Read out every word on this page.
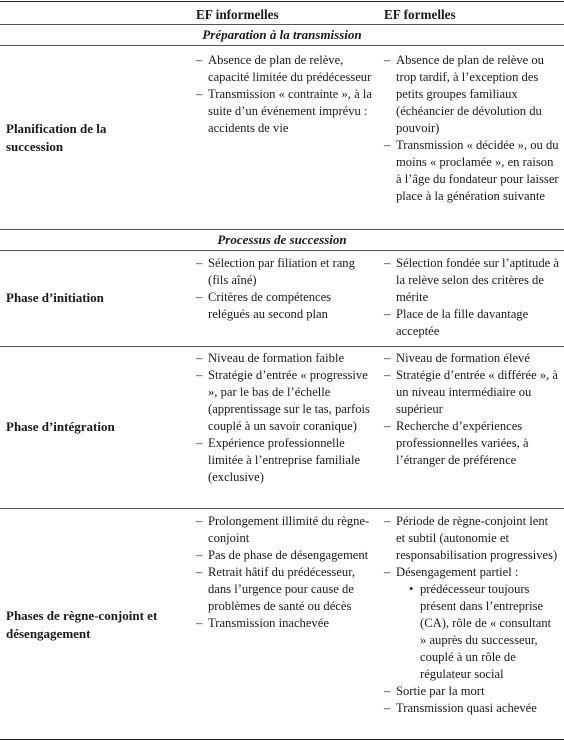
EF informelles	EF formelles
Préparation à la transmission
Planification de la succession
– Absence de plan de relève, capacité limitée du prédécesseur
– Transmission « contrainte », à la suite d’un événement imprévu : accidents de vie
– Absence de plan de relève ou trop tardif, à l’exception des petits groupes familiaux (échéancier de dévolution du pouvoir)
– Transmission « décidée », ou du moins « proclamée », en raison à l’âge du fondateur pour laisser place à la génération suivante
Processus de succession
Phase d’initiation
– Sélection par filiation et rang (fils aîné)
– Critères de compétences relégués au second plan
– Sélection fondée sur l’aptitude à la relève selon des critères de mérite
– Place de la fille davantage acceptée
Phase d’intégration
– Niveau de formation faible
– Stratégie d’entrée « progressive », par le bas de l’échelle (apprentissage sur le tas, parfois couplé à un savoir coranique)
– Expérience professionnelle limitée à l’entreprise familiale (exclusive)
– Niveau de formation élevé
– Stratégie d’entrée « différée », à un niveau intermédiaire ou supérieur
– Recherche d’expériences professionnelles variées, à l’étranger de préférence
Phases de règne-conjoint et désengagement
– Prolongement illimité du règne-conjoint
– Pas de phase de désengagement
– Retrait hâtif du prédécesseur, dans l’urgence pour cause de problèmes de santé ou décès
– Transmission inachevée
– Période de règne-conjoint lent et subtil (autonomie et responsabilisation progressives)
– Désengagement partiel :
• prédécesseur toujours présent dans l’entreprise (CA), rôle de « consultant » auprès du successeur, couplé à un rôle de régulateur social
– Sortie par la mort
– Transmission quasi achevée
